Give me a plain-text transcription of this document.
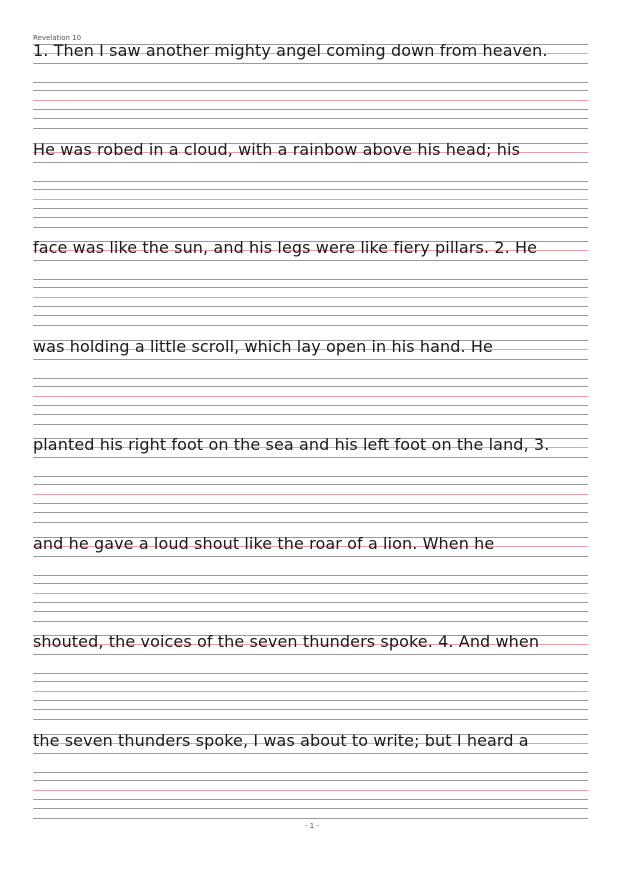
Revelation 10
1. Then I saw another mighty angel coming down from heaven.
He was robed in a cloud, with a rainbow above his head; his
face was like the sun, and his legs were like fiery pillars. 2. He
was holding a little scroll, which lay open in his hand. He
planted his right foot on the sea and his left foot on the land, 3.
and he gave a loud shout like the roar of a lion. When he
shouted, the voices of the seven thunders spoke. 4. And when
the seven thunders spoke, I was about to write; but I heard a
- 1 -
